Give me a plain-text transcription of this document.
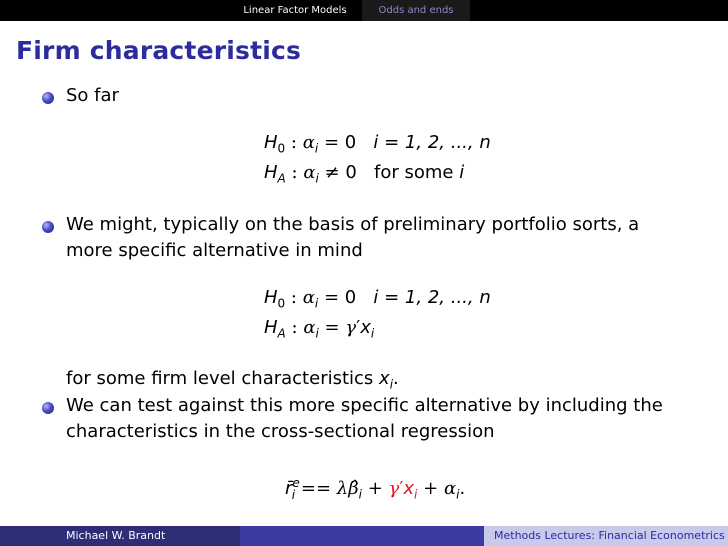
Linear Factor Models	Odds and ends
Firm characteristics
So far
$H_0$ : $\alpha_i = 0$   i = 1, 2, ..., n
$H_A$ : $\alpha_i \ne 0$   for some i
We might, typically on the basis of preliminary portfolio sorts, a
more specific alternative in mind
$H_0$ : $\alpha_i = 0$   i = 1, 2, ..., n
$H_A$ : $\alpha_i = \gamma'x_i$
for some firm level characteristics $x_i$.
We can test against this more specific alternative by including the
characteristics in the cross-sectional regression
r̄$^e_i$ == $\lambda\betâ_i + \gamma'x_i + \alpha_i$.
Michael W. Brandt	Methods Lectures: Financial Econometrics
